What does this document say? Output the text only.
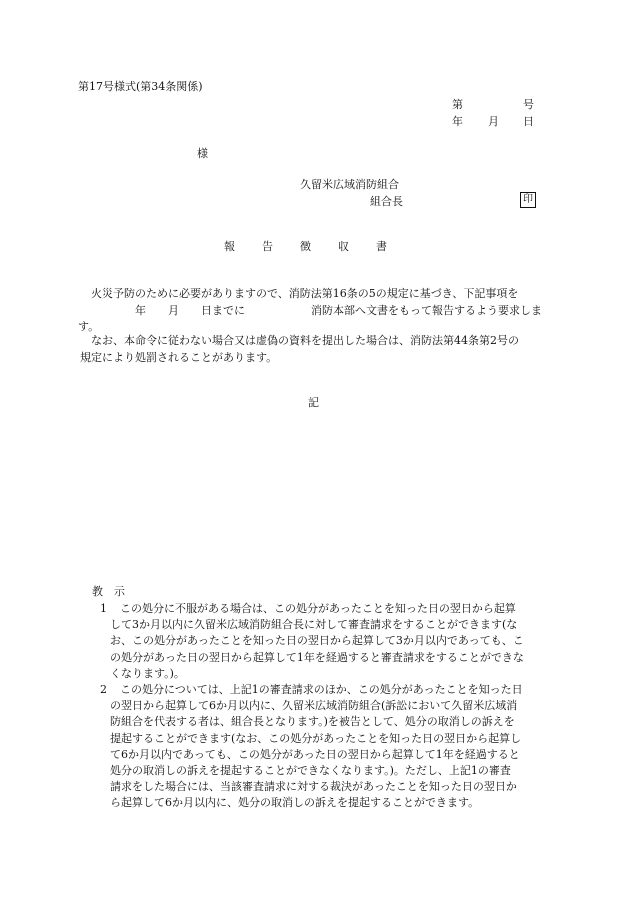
第17号様式(第34条関係)
第	号
年 月 日
様
久留米広域消防組合
組合長	印
報	告	徴	収	書
火災予防のために必要がありますので、消防法第16条の5の規定に基づき、下記事項を
　　　　　年　　月　　日までに　　　　　　消防本部へ文書をもって報告するよう要求しま
す。
なお、本命令に従わない場合又は虚偽の資料を提出した場合は、消防法第44条第2号の
規定により処罰されることがあります。
記
教　示
1	この処分に不服がある場合は、この処分があったことを知った日の翌日から起算
して3か月以内に久留米広域消防組合長に対して審査請求をすることができます(な
お、この処分があったことを知った日の翌日から起算して3か月以内であっても、こ
の処分があった日の翌日から起算して1年を経過すると審査請求をすることができな
くなります。)。
2	この処分については、上記1の審査請求のほか、この処分があったことを知った日
の翌日から起算して6か月以内に、久留米広域消防組合(訴訟において久留米広域消
防組合を代表する者は、組合長となります。)を被告として、処分の取消しの訴えを
提起することができます(なお、この処分があったことを知った日の翌日から起算し
て6か月以内であっても、この処分があった日の翌日から起算して1年を経過すると
処分の取消しの訴えを提起することができなくなります。)。ただし、上記1の審査
請求をした場合には、当該審査請求に対する裁決があったことを知った日の翌日か
ら起算して6か月以内に、処分の取消しの訴えを提起することができます。
